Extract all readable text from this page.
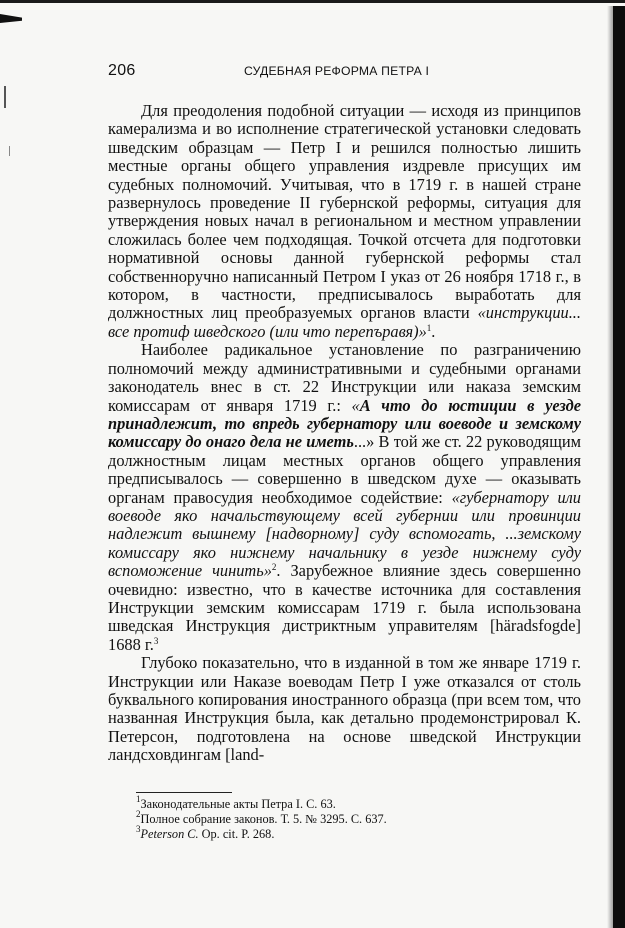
206	СУДЕБНАЯ РЕФОРМА ПЕТРА I

Для преодоления подобной ситуации — исходя из принципов камерализма и во исполнение стратегической установки следовать шведским образцам — Петр I и решился полностью лишить местные органы общего управления издревле присущих им судебных полномочий. Учитывая, что в 1719 г. в нашей стране развернулось проведение II губернской реформы, ситуация для утверждения новых начал в региональном и местном управлении сложилась более чем подходящая. Точкой отсчета для подготовки нормативной основы данной губернской реформы стал собственноручно написанный Петром I указ от 26 ноября 1718 г., в котором, в частности, предписывалось выработать для должностных лиц преобразуемых органов власти «инструкции... все протиф шведского (или что перепъравя)»$^1$.

Наиболее радикальное установление по разграничению полномочий между административными и судебными органами законодатель внес в ст. 22 Инструкции или наказа земским комиссарам от января 1719 г.: «А что до юстиции в уезде принадлежит, то впредь губернатору или воеводе и земскому комиссару до онаго дела не иметь...» В той же ст. 22 руководящим должностным лицам местных органов общего управления предписывалось — совершенно в шведском духе — оказывать органам правосудия необходимое содействие: «губернатору или воеводе яко начальствующему всей губернии или провинции надлежит вышнему [надворному] суду вспомогать, ...земскому комиссару яко нижнему начальнику в уезде нижнему суду вспоможение чинить»$^2$. Зарубежное влияние здесь совершенно очевидно: известно, что в качестве источника для составления Инструкции земским комиссарам 1719 г. была использована шведская Инструкция дистриктным управителям [häradsfogde] 1688 г.$^3$

Глубоко показательно, что в изданной в том же январе 1719 г. Инструкции или Наказе воеводам Петр I уже отказался от столь буквального копирования иностранного образца (при всем том, что названная Инструкция была, как детально продемонстрировал К. Петерсон, подготовлена на основе шведской Инструкции ландсховдингам [land-

$^1$Законодательные акты Петра I. С. 63.
$^2$Полное собрание законов. Т. 5. № 3295. С. 637.
$^3$Peterson C. Op. cit. P. 268.
